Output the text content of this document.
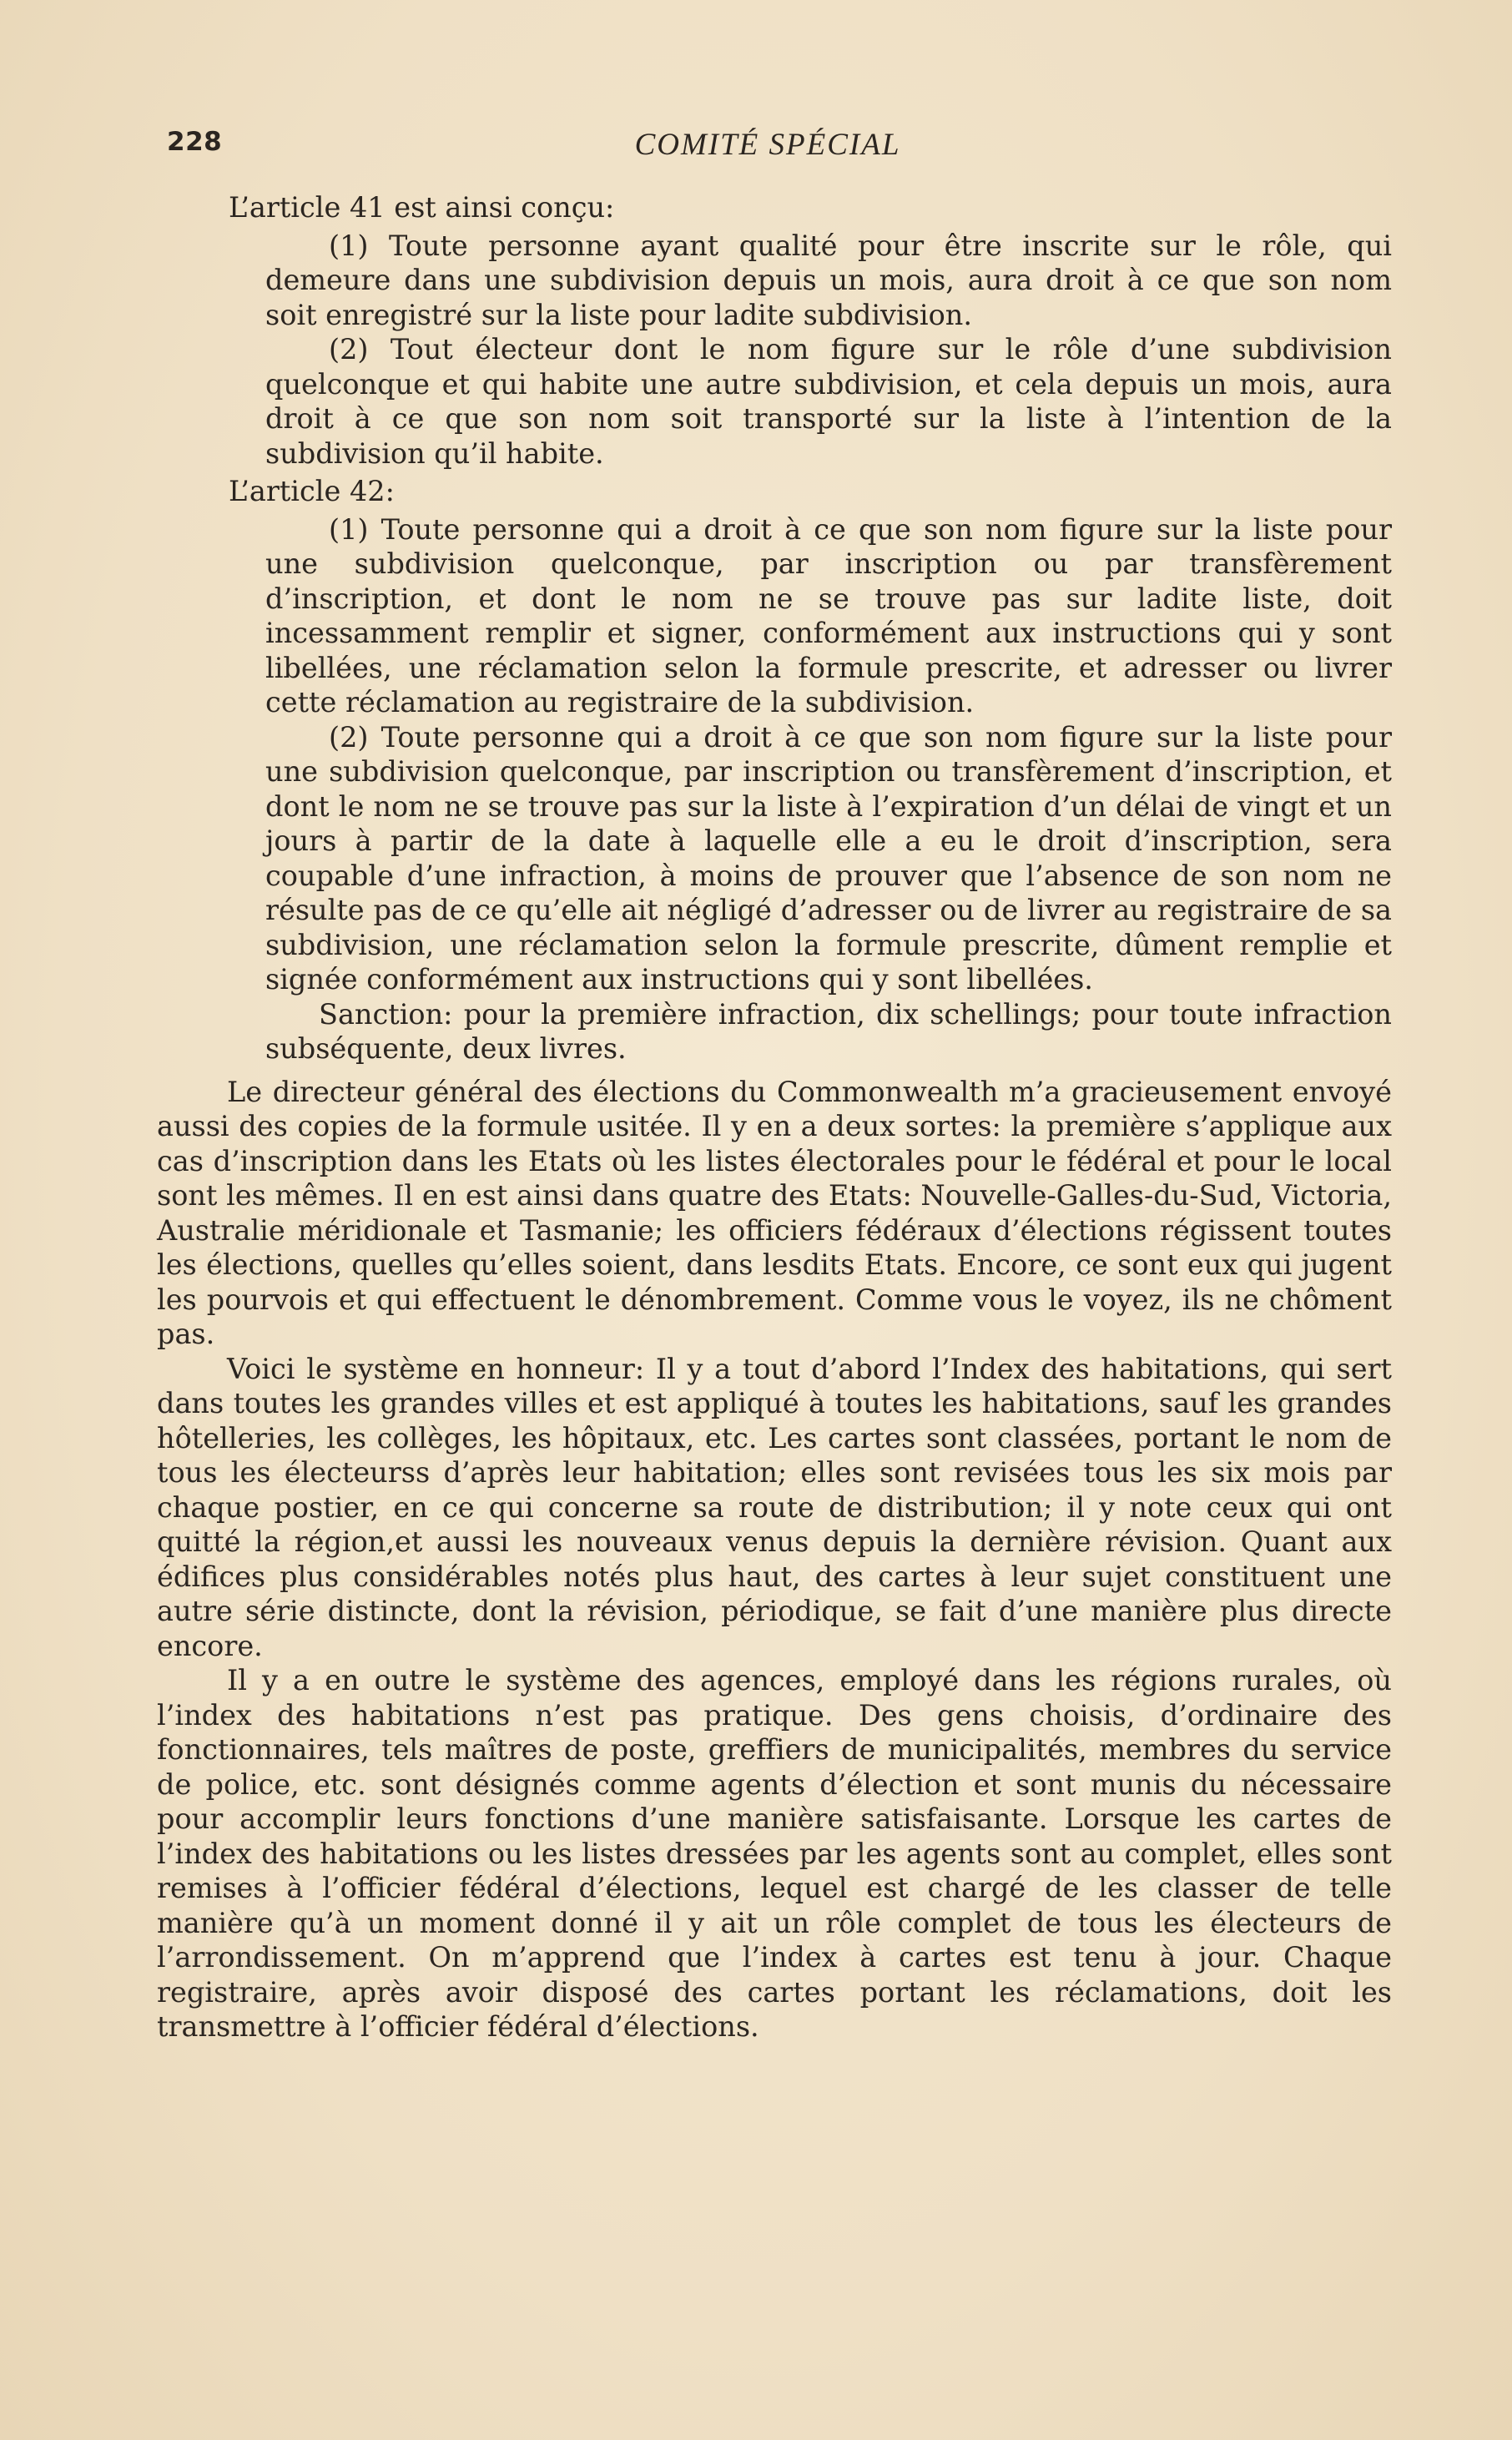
228	COMITÉ SPÉCIAL

L’article 41 est ainsi conçu:

(1) Toute personne ayant qualité pour être inscrite sur le rôle, qui demeure dans une subdivision depuis un mois, aura droit à ce que son nom soit enregistré sur la liste pour ladite subdivision.

(2) Tout électeur dont le nom figure sur le rôle d’une subdivision quelconque et qui habite une autre subdivision, et cela depuis un mois, aura droit à ce que son nom soit transporté sur la liste à l’intention de la subdivision qu’il habite.

L’article 42:

(1) Toute personne qui a droit à ce que son nom figure sur la liste pour une subdivision quelconque, par inscription ou par transfèrement d’inscription, et dont le nom ne se trouve pas sur ladite liste, doit incessamment remplir et signer, conformément aux instructions qui y sont libellées, une réclamation selon la formule prescrite, et adresser ou livrer cette réclamation au registraire de la subdivision.

(2) Toute personne qui a droit à ce que son nom figure sur la liste pour une subdivision quelconque, par inscription ou transfèrement d’inscription, et dont le nom ne se trouve pas sur la liste à l’expiration d’un délai de vingt et un jours à partir de la date à laquelle elle a eu le droit d’inscription, sera coupable d’une infraction, à moins de prouver que l’absence de son nom ne résulte pas de ce qu’elle ait négligé d’adresser ou de livrer au registraire de sa subdivision, une réclamation selon la formule prescrite, dûment remplie et signée conformément aux instructions qui y sont libellées.

Sanction: pour la première infraction, dix schellings; pour toute infraction subséquente, deux livres.

Le directeur général des élections du Commonwealth m’a gracieusement envoyé aussi des copies de la formule usitée. Il y en a deux sortes: la première s’applique aux cas d’inscription dans les Etats où les listes électorales pour le fédéral et pour le local sont les mêmes. Il en est ainsi dans quatre des Etats: Nouvelle-Galles-du-Sud, Victoria, Australie méridionale et Tasmanie; les officiers fédéraux d’élections régissent toutes les élections, quelles qu’elles soient, dans lesdits Etats. Encore, ce sont eux qui jugent les pourvois et qui effectuent le dénombrement. Comme vous le voyez, ils ne chôment pas.

Voici le système en honneur: Il y a tout d’abord l’Index des habitations, qui sert dans toutes les grandes villes et est appliqué à toutes les habitations, sauf les grandes hôtelleries, les collèges, les hôpitaux, etc. Les cartes sont classées, portant le nom de tous les électeurss d’après leur habitation; elles sont revisées tous les six mois par chaque postier, en ce qui concerne sa route de distribution; il y note ceux qui ont quitté la région,et aussi les nouveaux venus depuis la dernière révision. Quant aux édifices plus considérables notés plus haut, des cartes à leur sujet constituent une autre série distincte, dont la révision, périodique, se fait d’une manière plus directe encore.

Il y a en outre le système des agences, employé dans les régions rurales, où l’index des habitations n’est pas pratique. Des gens choisis, d’ordinaire des fonctionnaires, tels maîtres de poste, greffiers de municipalités, membres du service de police, etc. sont désignés comme agents d’élection et sont munis du nécessaire pour accomplir leurs fonctions d’une manière satisfaisante. Lorsque les cartes de l’index des habitations ou les listes dressées par les agents sont au complet, elles sont remises à l’officier fédéral d’élections, lequel est chargé de les classer de telle manière qu’à un moment donné il y ait un rôle complet de tous les électeurs de l’arrondissement. On m’apprend que l’index à cartes est tenu à jour. Chaque registraire, après avoir disposé des cartes portant les réclamations, doit les transmettre à l’officier fédéral d’élections.
